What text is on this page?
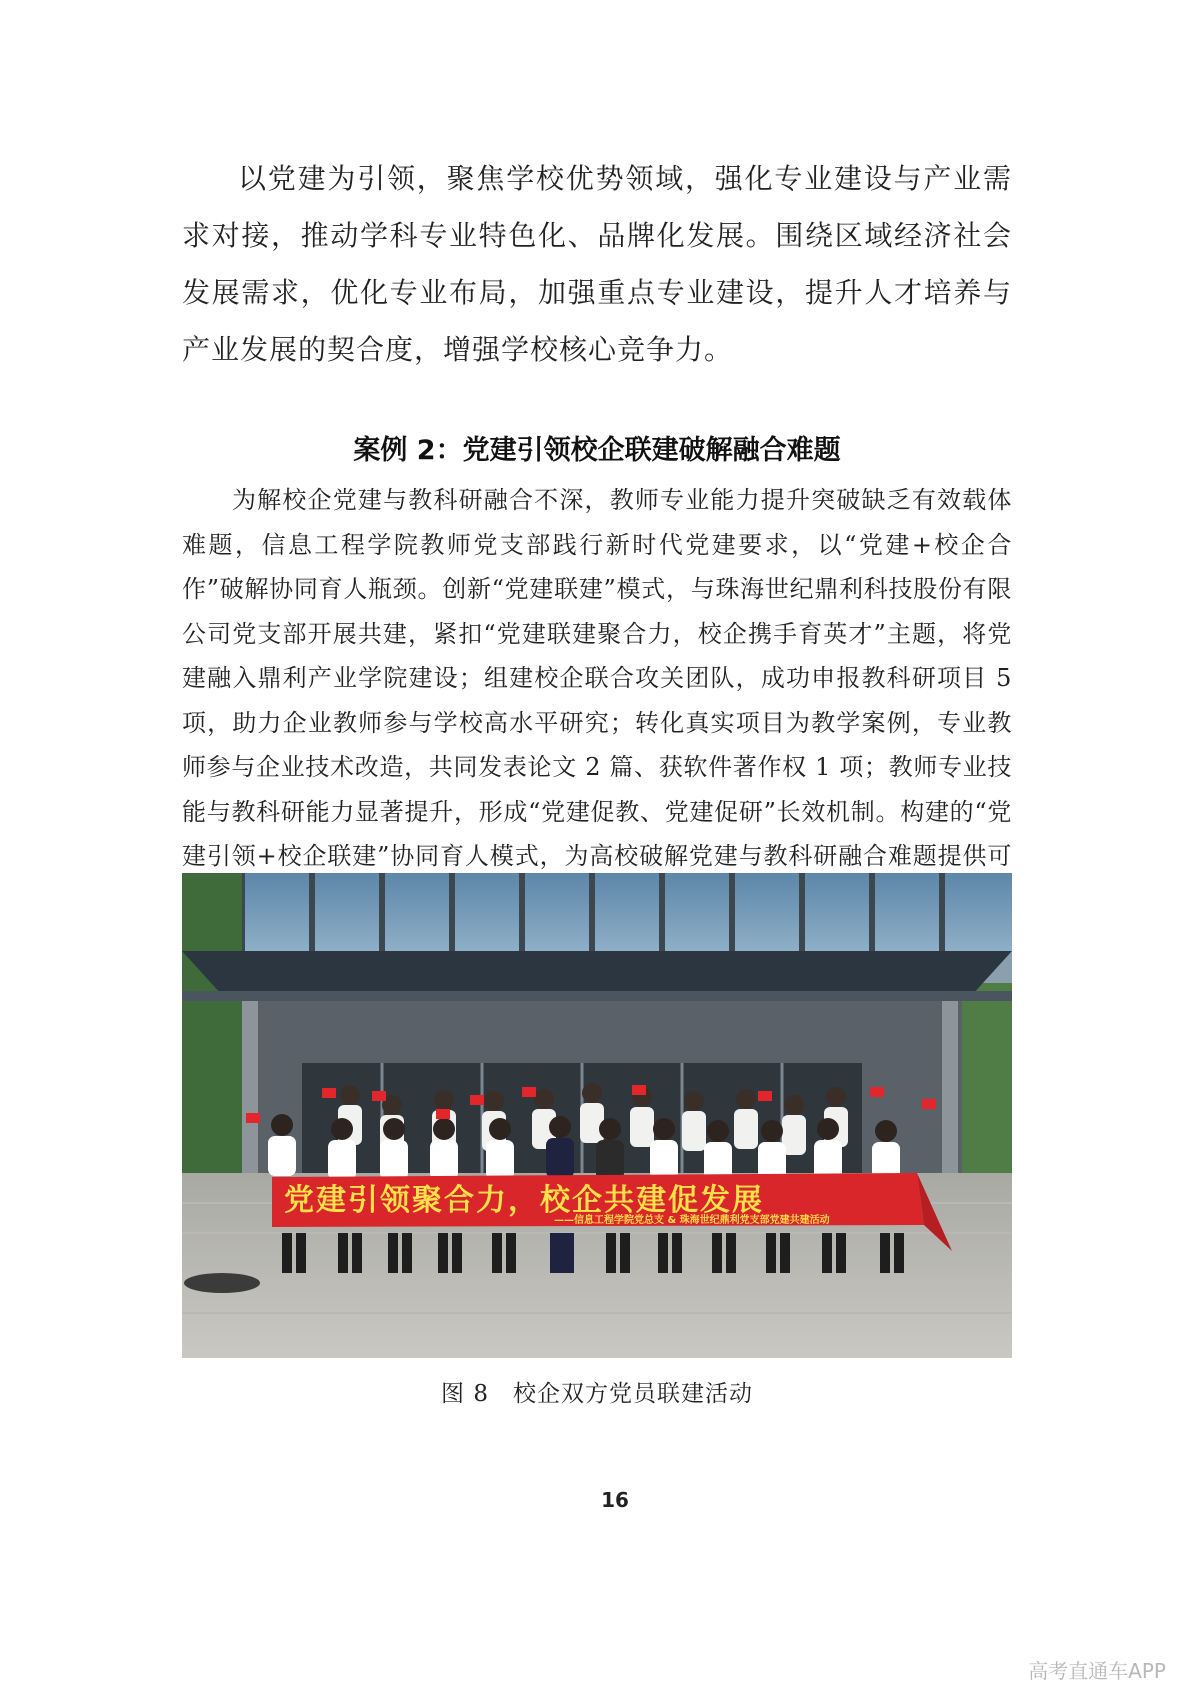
以党建为引领，聚焦学校优势领域，强化专业建设与产业需求对接，推动学科专业特色化、品牌化发展。围绕区域经济社会发展需求，优化专业布局，加强重点专业建设，提升人才培养与产业发展的契合度，增强学校核心竞争力。

案例 2：党建引领校企联建破解融合难题

为解校企党建与教科研融合不深，教师专业能力提升突破缺乏有效载体难题，信息工程学院教师党支部践行新时代党建要求，以“党建+校企合作”破解协同育人瓶颈。创新“党建联建”模式，与珠海世纪鼎利科技股份有限公司党支部开展共建，紧扣“党建联建聚合力，校企携手育英才”主题，将党建融入鼎利产业学院建设；组建校企联合攻关团队，成功申报教科研项目 5 项，助力企业教师参与学校高水平研究；转化真实项目为教学案例，专业教师参与企业技术改造，共同发表论文 2 篇、获软件著作权 1 项；教师专业技能与教科研能力显著提升，形成“党建促教、党建促研”长效机制。构建的“党建引领+校企联建”协同育人模式，为高校破解党建与教科研融合难题提供可

党建引领聚合力，校企共建促发展
——信息工程学院党总支 & 珠海世纪鼎利党支部党建共建活动

图 8　校企双方党员联建活动

16

高考直通车APP
